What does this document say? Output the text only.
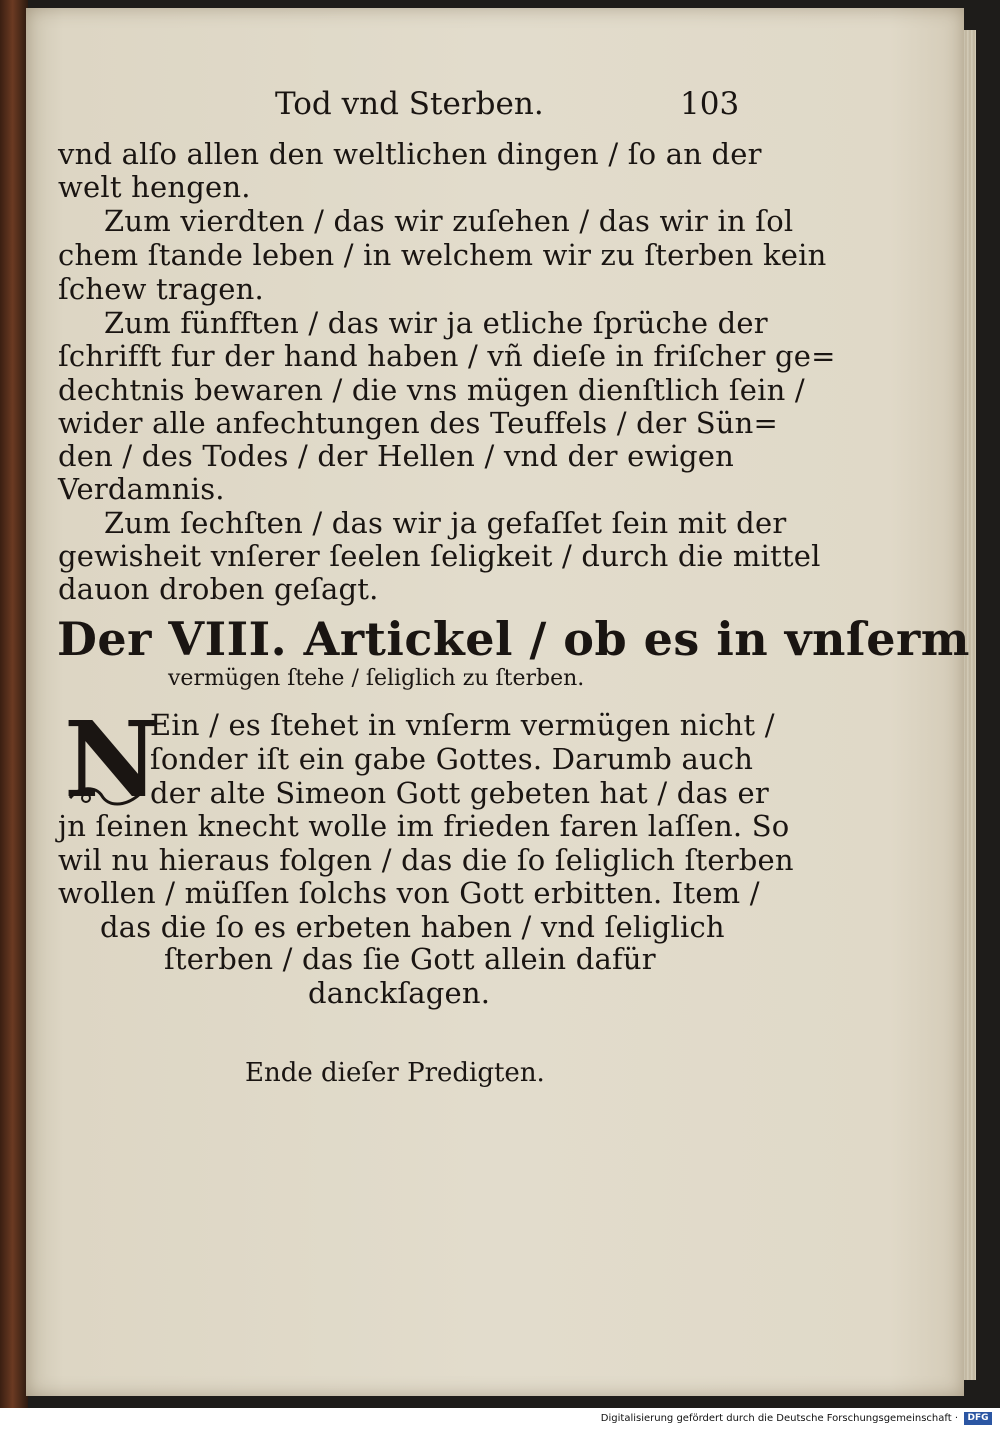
Tod vnd Sterben.	103
vnd alſo allen den weltlichen dingen / ſo an der
welt hengen.
Zum vierdten / das wir zuſehen / das wir in ſol
chem ſtande leben / in welchem wir zu ſterben kein
ſchew tragen.
Zum fünfften / das wir ja etliche ſprüche der
ſchrifft fur der hand haben / vñ dieſe in friſcher ge=
dechtnis bewaren / die vns mügen dienſtlich ſein /
wider alle anfechtungen des Teuffels / der Sün=
den / des Todes / der Hellen / vnd der ewigen
Verdamnis.
Zum ſechſten / das wir ja gefaſſet ſein mit der
gewisheit vnſerer ſeelen ſeligkeit / durch die mittel
dauon droben geſagt.
Der VIII. Artickel / ob es in vnſerm
vermügen ſtehe / ſeliglich zu ſterben.
N
Ein / es ſtehet in vnſerm vermügen nicht /
ſonder iſt ein gabe Gottes. Darumb auch
der alte Simeon Gott gebeten hat / das er
jn ſeinen knecht wolle im frieden faren laſſen. So
wil nu hieraus folgen / das die ſo ſeliglich ſterben
wollen / müſſen ſolchs von Gott erbitten. Item /
das die ſo es erbeten haben / vnd ſeliglich
ſterben / das ſie Gott allein dafür
danckſagen.
Ende dieſer Predigten.
Digitalisierung gefördert durch die Deutsche Forschungsgemeinschaft ·	DFG
